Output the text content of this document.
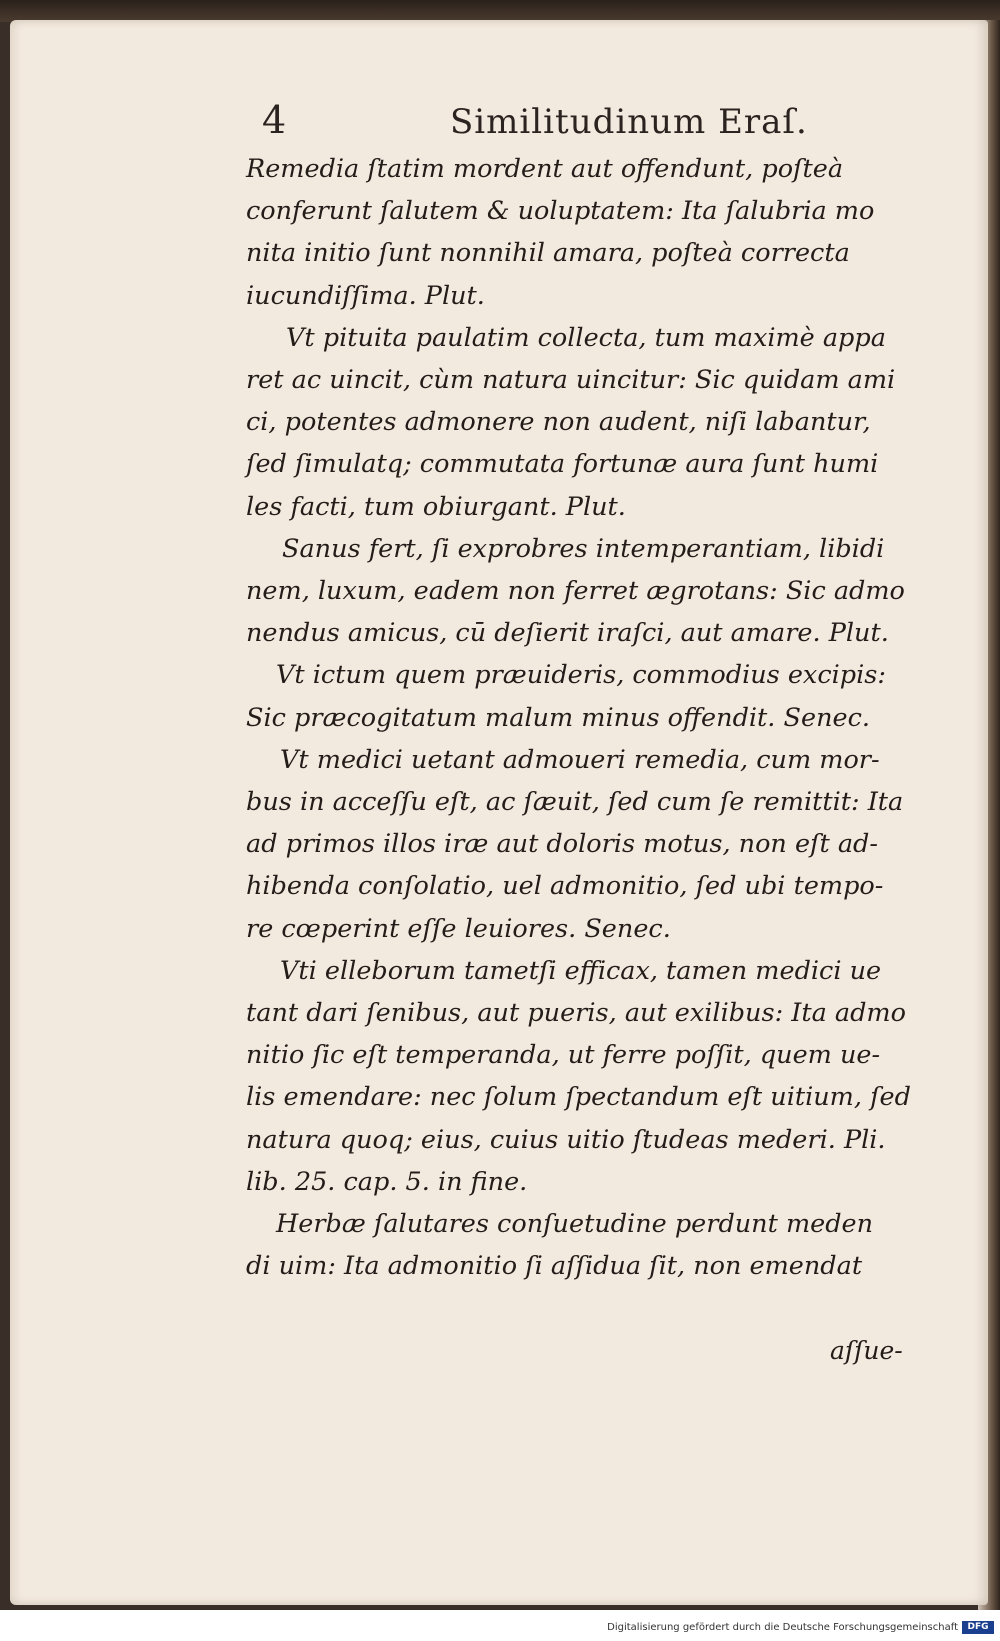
4	Similitudinum Eraſ.
Remedia ſtatim mordent aut offendunt, poſteà
conferunt ſalutem & uoluptatem: Ita ſalubria mo
nita initio ſunt nonnihil amara, poſteà correcta
iucundiſſima. Plut.
Vt pituita paulatim collecta, tum maximè appa
ret ac uincit, cùm natura uincitur: Sic quidam ami
ci, potentes admonere non audent, niſi labantur,
ſed ſimulatq; commutata fortunæ aura ſunt humi
les facti, tum obiurgant. Plut.
Sanus fert, ſi exprobres intemperantiam, libidi
nem, luxum, eadem non ferret ægrotans: Sic admo
nendus amicus, cū deſierit iraſci, aut amare. Plut.
Vt ictum quem præuideris, commodius excipis:
Sic præcogitatum malum minus offendit. Senec.
Vt medici uetant admoueri remedia, cum mor-
bus in acceſſu eſt, ac ſæuit, ſed cum ſe remittit: Ita
ad primos illos iræ aut doloris motus, non eſt ad-
hibenda conſolatio, uel admonitio, ſed ubi tempo-
re cœperint eſſe leuiores. Senec.
Vti elleborum tametſi efficax, tamen medici ue
tant dari ſenibus, aut pueris, aut exilibus: Ita admo
nitio ſic eſt temperanda, ut ferre poſſit, quem ue-
lis emendare: nec ſolum ſpectandum eſt uitium, ſed
natura quoq; eius, cuius uitio ſtudeas mederi. Pli.
lib. 25. cap. 5. in fine.
Herbæ ſalutares conſuetudine perdunt meden
di uim: Ita admonitio ſi aſſidua ſit, non emendat
aſſue-
Digitalisierung gefördert durch die Deutsche Forschungsgemeinschaft	DFG
